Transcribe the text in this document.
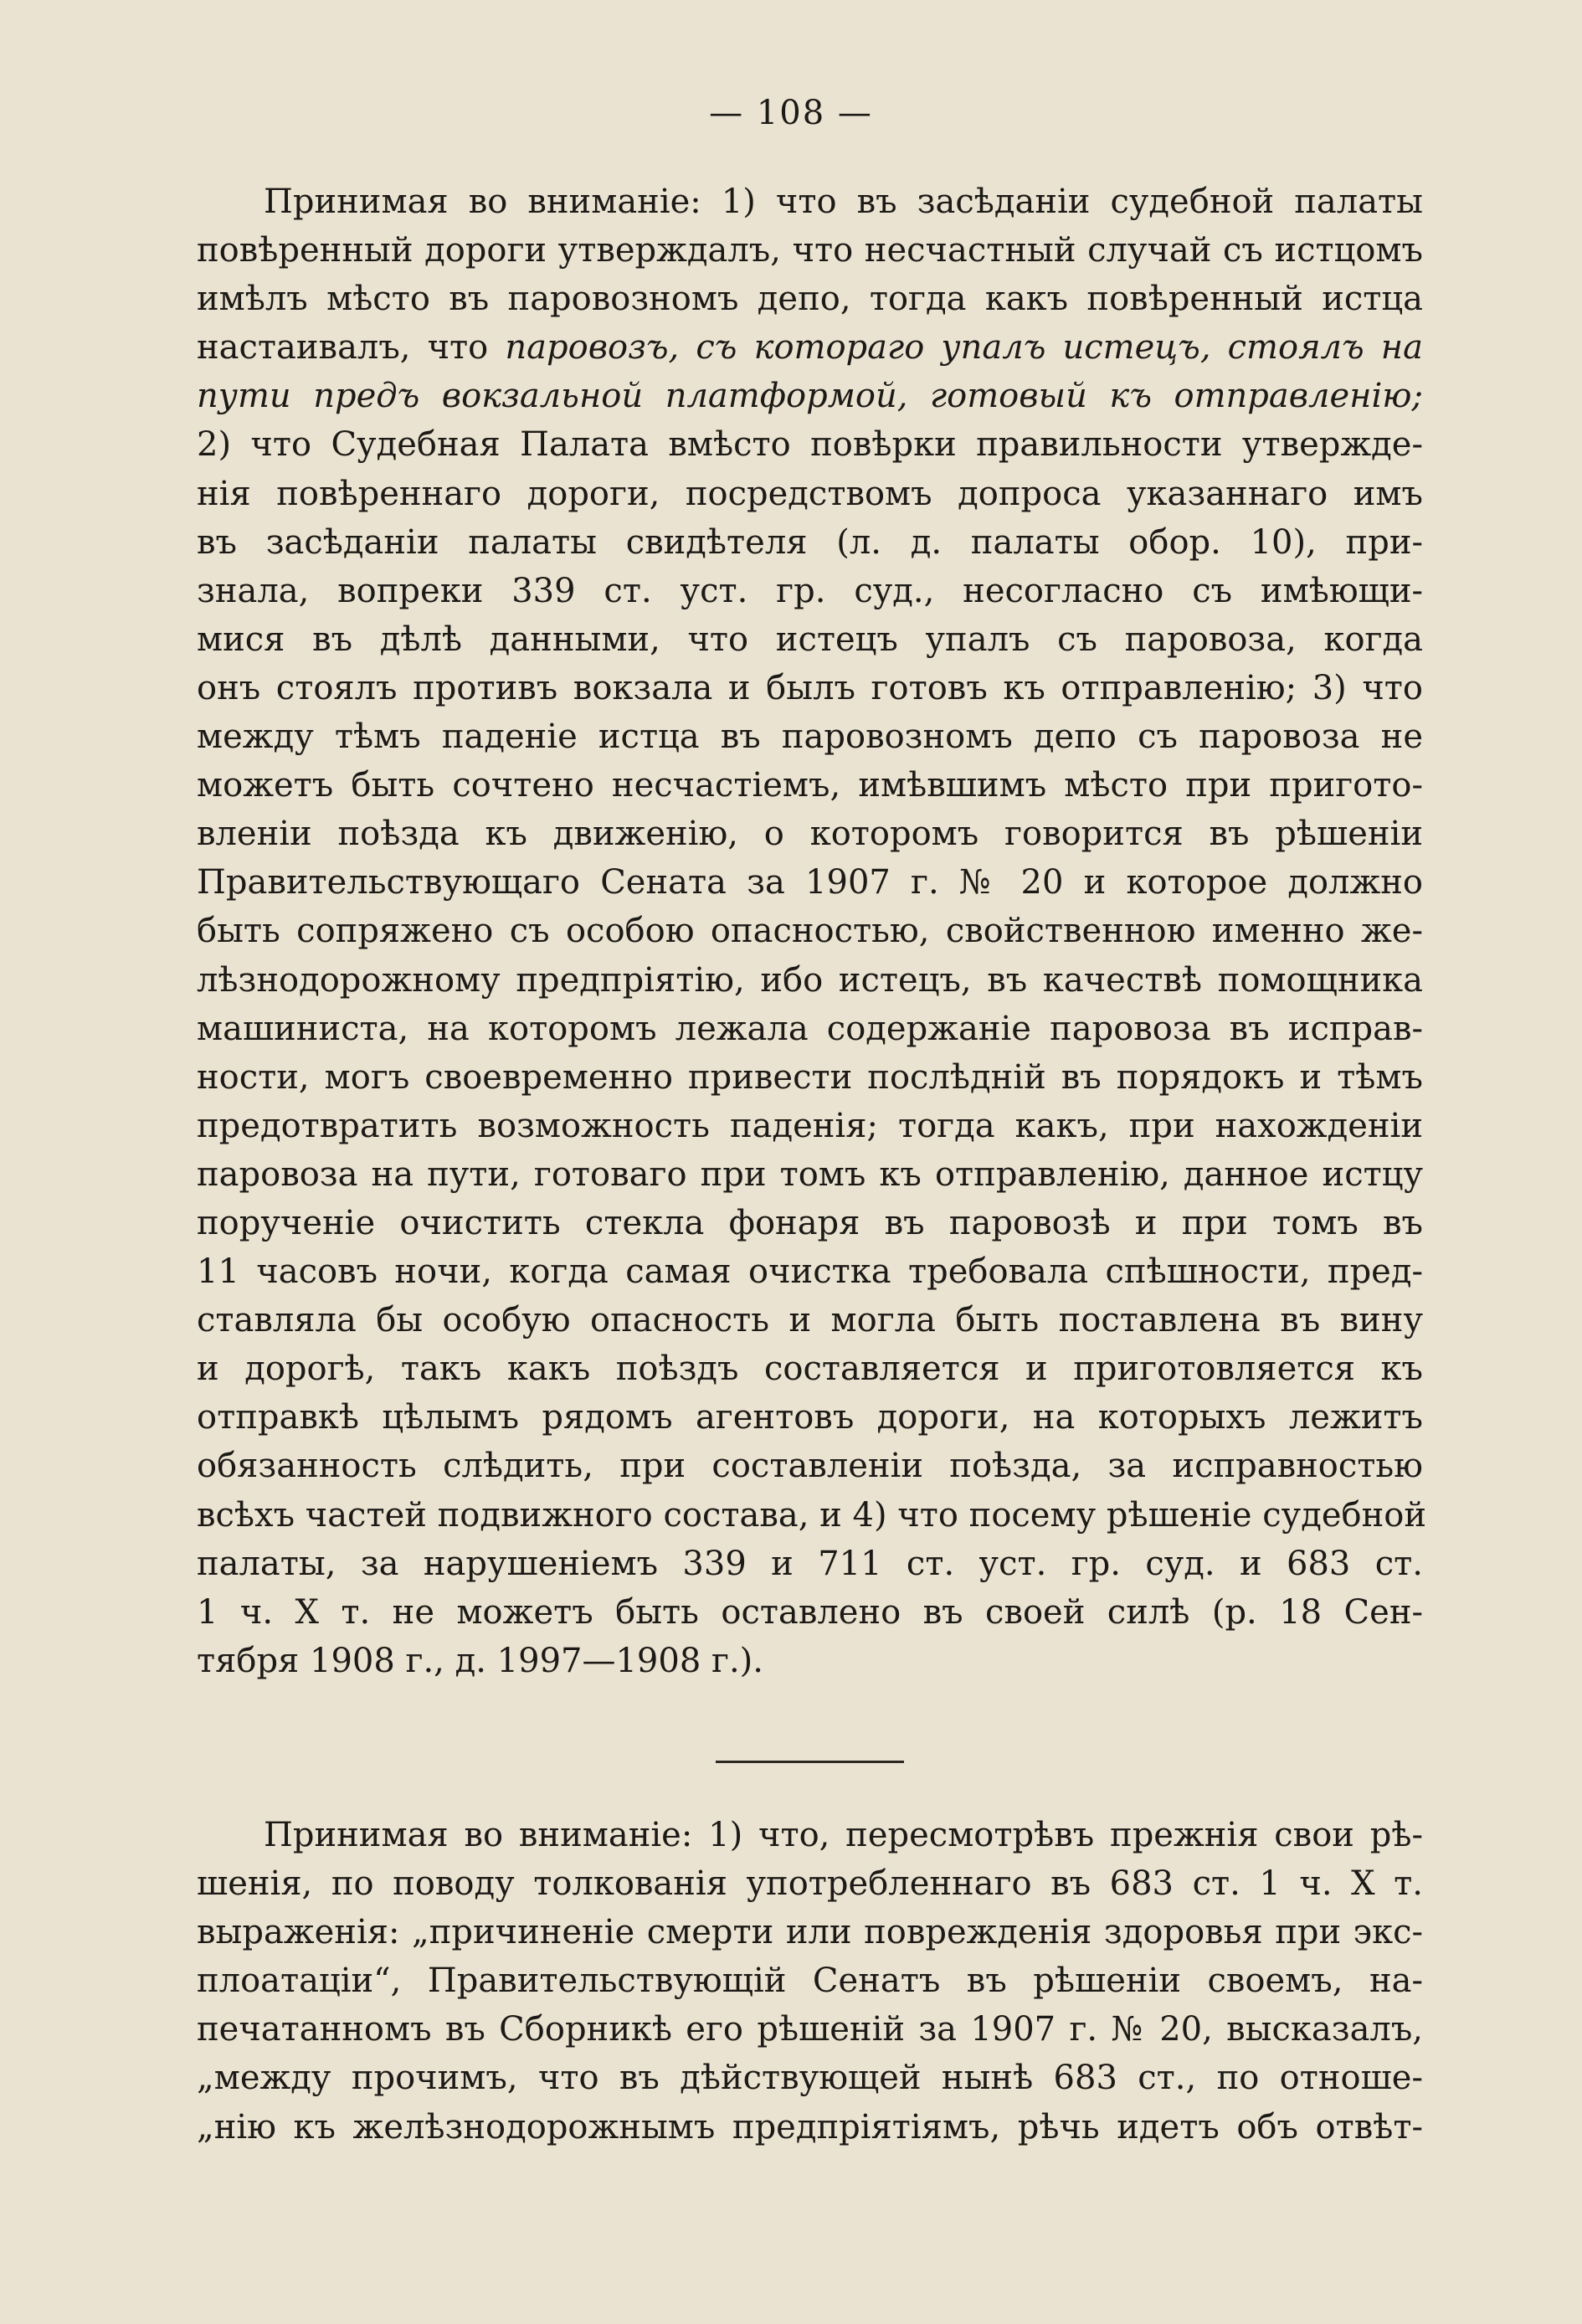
— 108 —
Принимая во вниманіе: 1) что въ засѣданіи судебной палаты
повѣренный дороги утверждалъ, что несчастный случай съ истцомъ
имѣлъ мѣсто въ паровозномъ депо, тогда какъ повѣренный истца
настаивалъ, что паровозъ, съ котораго упалъ истецъ, стоялъ на
пути предъ вокзальной платформой, готовый къ отправленію;
2) что Судебная Палата вмѣсто повѣрки правильности утвержде-
нія повѣреннаго дороги, посредствомъ допроса указаннаго имъ
въ засѣданіи палаты свидѣтеля (л. д. палаты обор. 10), при-
знала, вопреки 339 ст. уст. гр. суд., несогласно съ имѣющи-
мися въ дѣлѣ данными, что истецъ упалъ съ паровоза, когда
онъ стоялъ противъ вокзала и былъ готовъ къ отправленію; 3) что
между тѣмъ паденіе истца въ паровозномъ депо съ паровоза не
можетъ быть сочтено несчастіемъ, имѣвшимъ мѣсто при пригото-
вленіи поѣзда къ движенію, о которомъ говорится въ рѣшеніи
Правительствующаго Сената за 1907 г. № 20 и которое должно
быть сопряжено съ особою опасностью, свойственною именно же-
лѣзнодорожному предпріятію, ибо истецъ, въ качествѣ помощника
машиниста, на которомъ лежала содержаніе паровоза въ исправ-
ности, могъ своевременно привести послѣдній въ порядокъ и тѣмъ
предотвратить возможность паденія; тогда какъ, при нахожденіи
паровоза на пути, готоваго при томъ къ отправленію, данное истцу
порученіе очистить стекла фонаря въ паровозѣ и при томъ въ
11 часовъ ночи, когда самая очистка требовала спѣшности, пред-
ставляла бы особую опасность и могла быть поставлена въ вину
и дорогѣ, такъ какъ поѣздъ составляется и приготовляется къ
отправкѣ цѣлымъ рядомъ агентовъ дороги, на которыхъ лежитъ
обязанность слѣдить, при составленіи поѣзда, за исправностью
всѣхъ частей подвижного состава, и 4) что посему рѣшеніе судебной
палаты, за нарушеніемъ 339 и 711 ст. уст. гр. суд. и 683 ст.
1 ч. X т. не можетъ быть оставлено въ своей силѣ (р. 18 Сен-
тября 1908 г., д. 1997—1908 г.).
Принимая во вниманіе: 1) что, пересмотрѣвъ прежнія свои рѣ-
шенія, по поводу толкованія употребленнаго въ 683 ст. 1 ч. X т.
выраженія: „причиненіе смерти или поврежденія здоровья при экс-
плоатаціи“, Правительствующій Сенатъ въ рѣшеніи своемъ, на-
печатанномъ въ Сборникѣ его рѣшеній за 1907 г. № 20, высказалъ,
„между прочимъ, что въ дѣйствующей нынѣ 683 ст., по отноше-
„нію къ желѣзнодорожнымъ предпріятіямъ, рѣчь идетъ объ отвѣт-
